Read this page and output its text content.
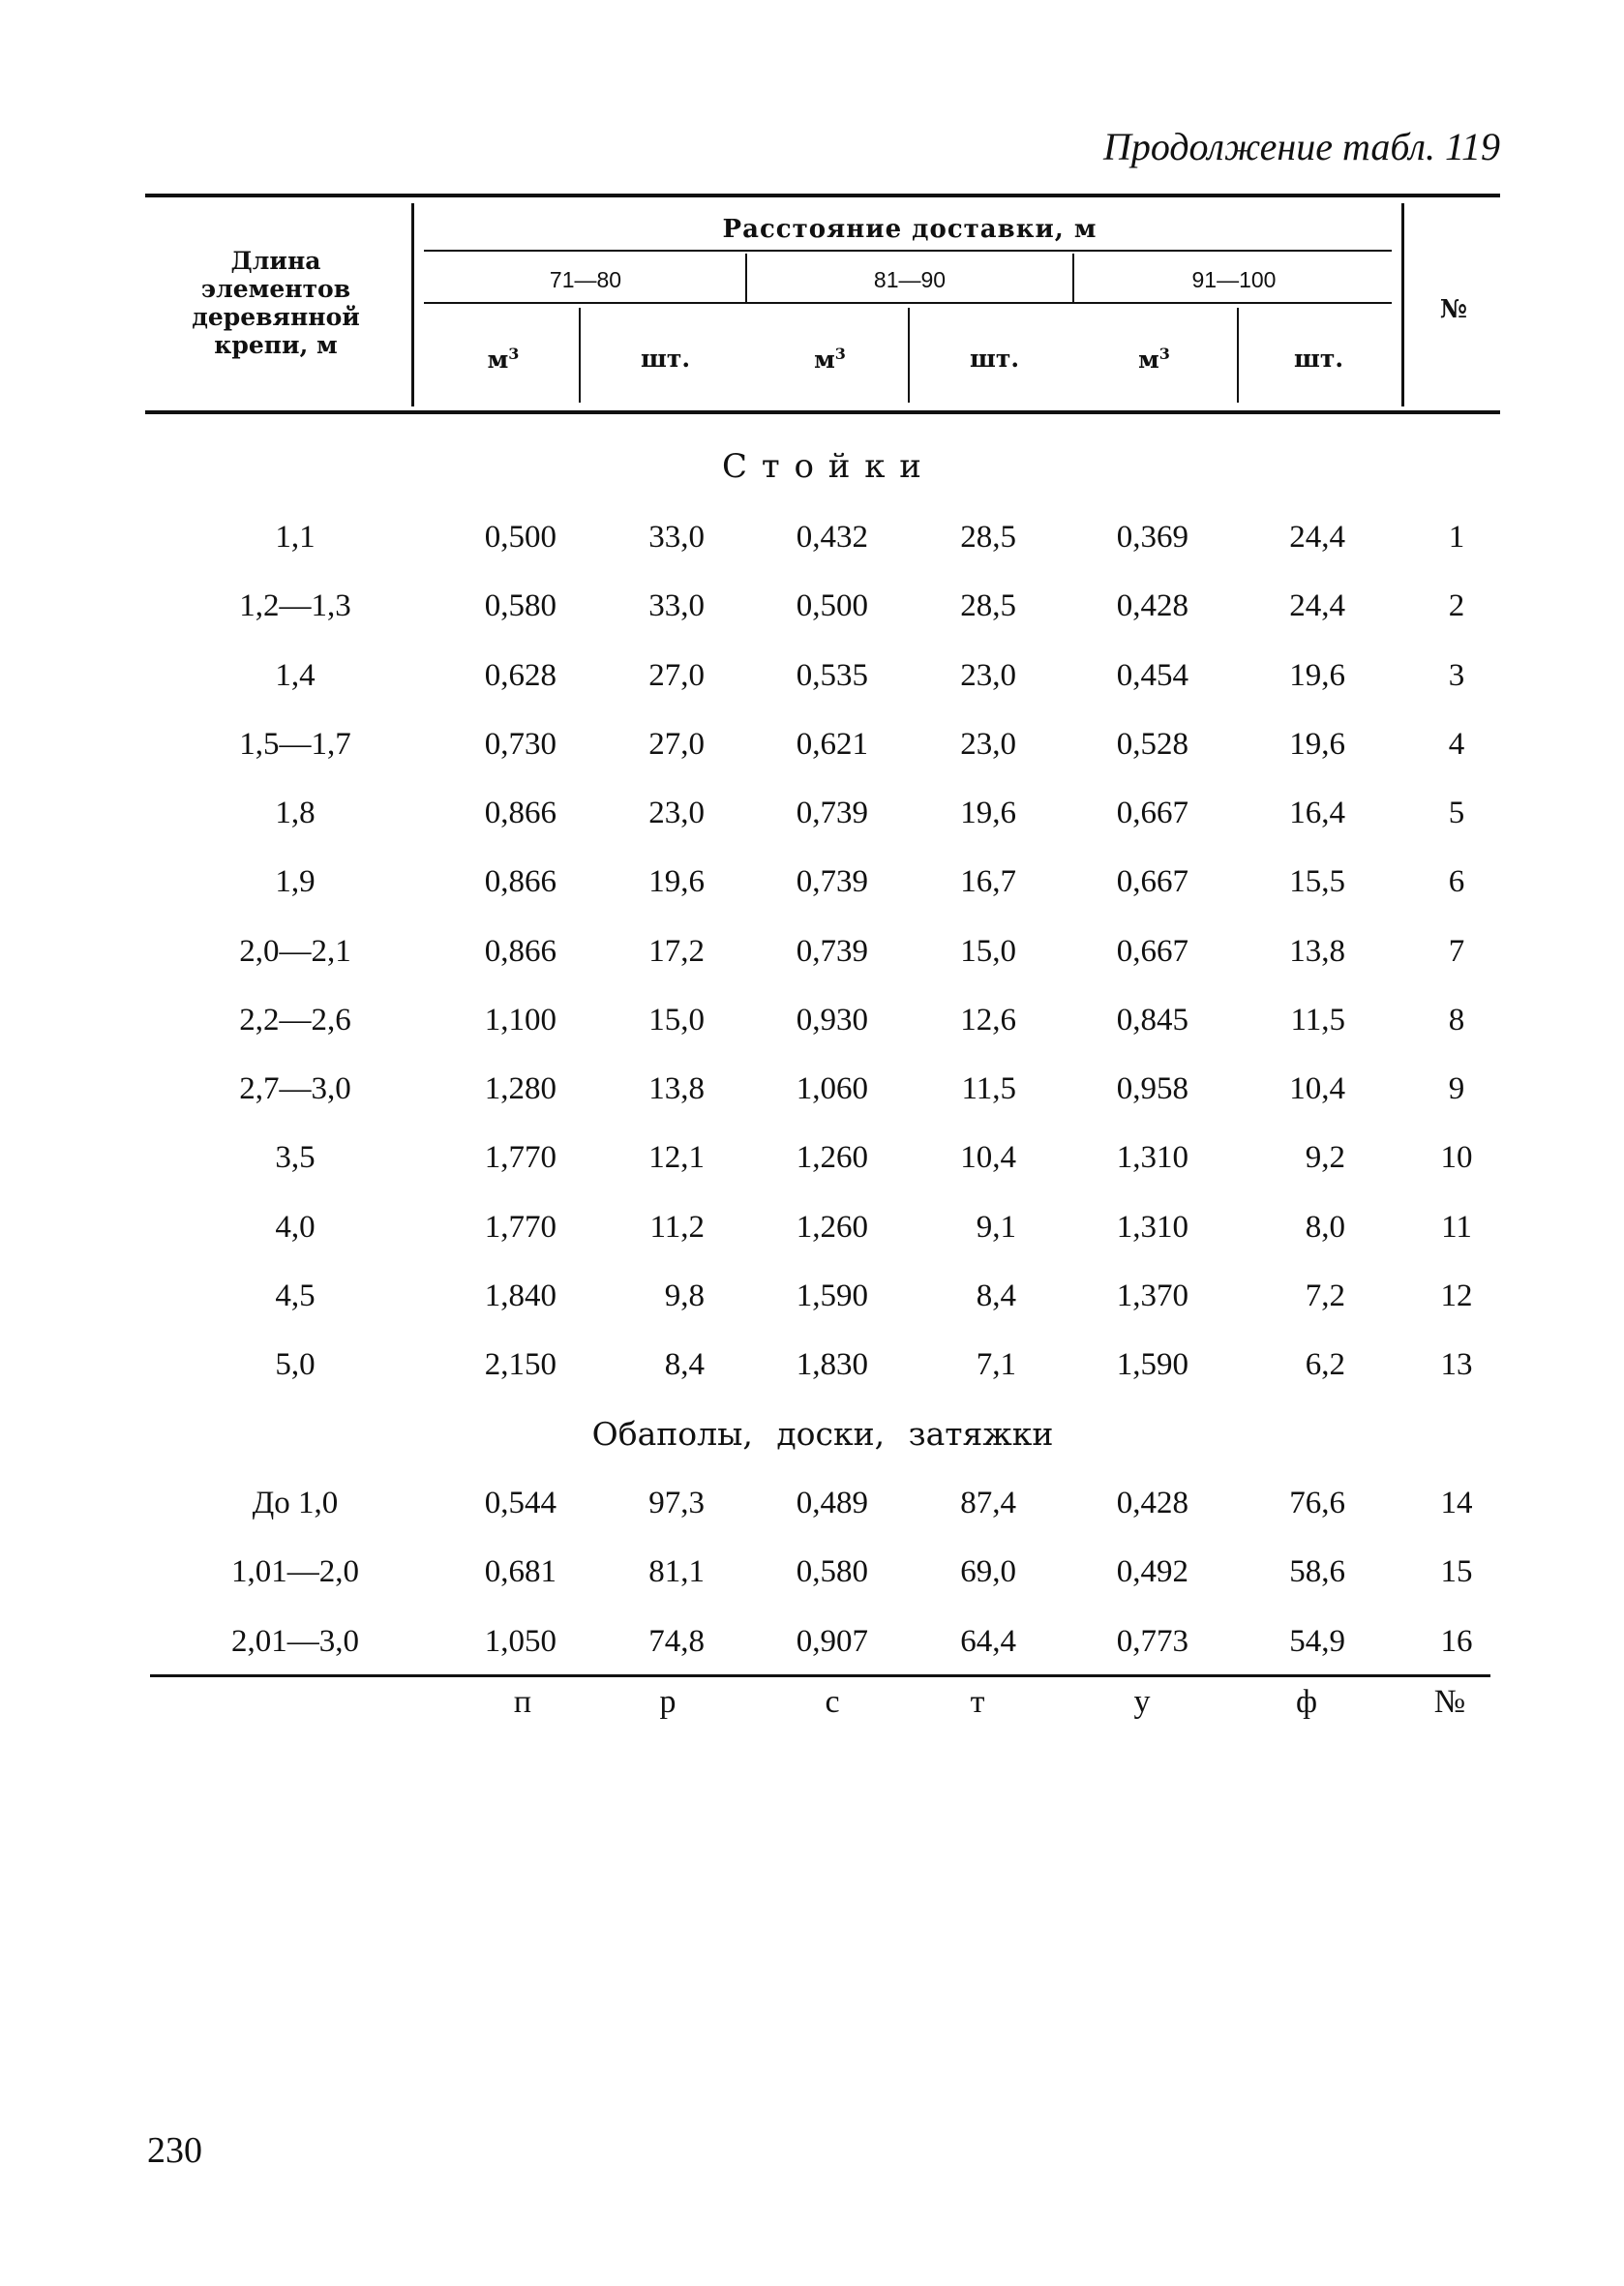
Продолжение табл. 119
Длина
элементов
деревянной
крепи, м
Расстояние доставки, м
71—80	81—90	91—100
$м^3$	шт.	$м^3$	шт.	$м^3$	шт.
№
С т о й к и
Обаполы, доски, затяжки
1,1	0,500	33,0	0,432	28,5	0,369	24,4	1
1,2—1,3	0,580	33,0	0,500	28,5	0,428	24,4	2
1,4	0,628	27,0	0,535	23,0	0,454	19,6	3
1,5—1,7	0,730	27,0	0,621	23,0	0,528	19,6	4
1,8	0,866	23,0	0,739	19,6	0,667	16,4	5
1,9	0,866	19,6	0,739	16,7	0,667	15,5	6
2,0—2,1	0,866	17,2	0,739	15,0	0,667	13,8	7
2,2—2,6	1,100	15,0	0,930	12,6	0,845	11,5	8
2,7—3,0	1,280	13,8	1,060	11,5	0,958	10,4	9
3,5	1,770	12,1	1,260	10,4	1,310	9,2	10
4,0	1,770	11,2	1,260	9,1	1,310	8,0	11
4,5	1,840	9,8	1,590	8,4	1,370	7,2	12
5,0	2,150	8,4	1,830	7,1	1,590	6,2	13
До 1,0	0,544	97,3	0,489	87,4	0,428	76,6	14
1,01—2,0	0,681	81,1	0,580	69,0	0,492	58,6	15
2,01—3,0	1,050	74,8	0,907	64,4	0,773	54,9	16
п	р	с	т	у	ф	№
230
